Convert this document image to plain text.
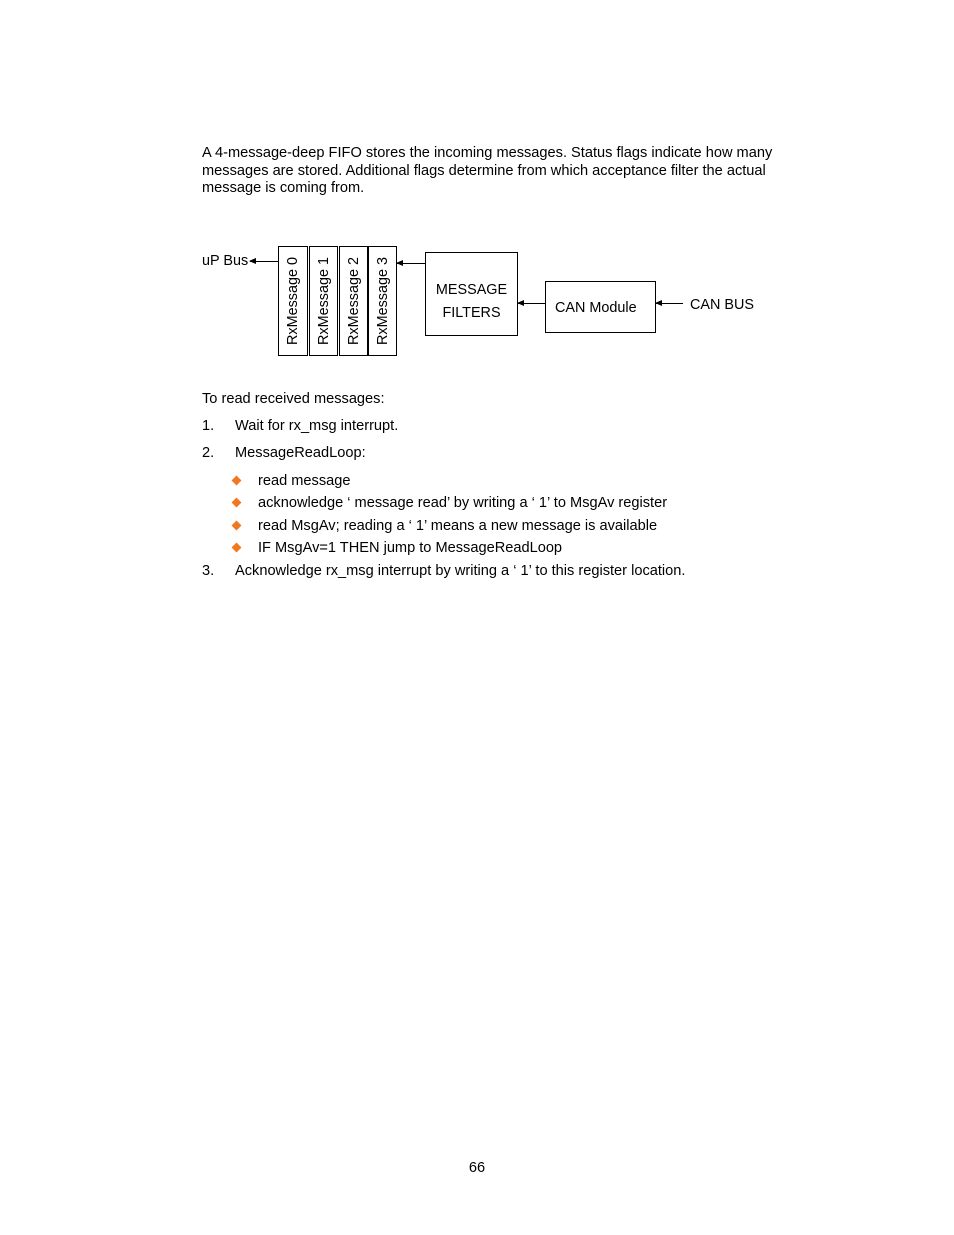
A 4-message-deep FIFO stores the incoming messages. Status flags indicate how many messages are stored. Additional flags determine from which acceptance filter the actual message is coming from.

uP Bus	RxMessage 0 RxMessage 1 RxMessage 2 RxMessage 3	MESSAGE
FILTERS	CAN Module	CAN BUS

To read received messages:

1. Wait for rx_msg interrupt.
2. MessageReadLoop:
read message
acknowledge ‘ message read’ by writing a ‘ 1’ to MsgAv register
read MsgAv; reading a ‘ 1’ means a new message is available
IF MsgAv=1 THEN jump to MessageReadLoop
3. Acknowledge rx_msg interrupt by writing a ‘ 1’ to this register location.
66
